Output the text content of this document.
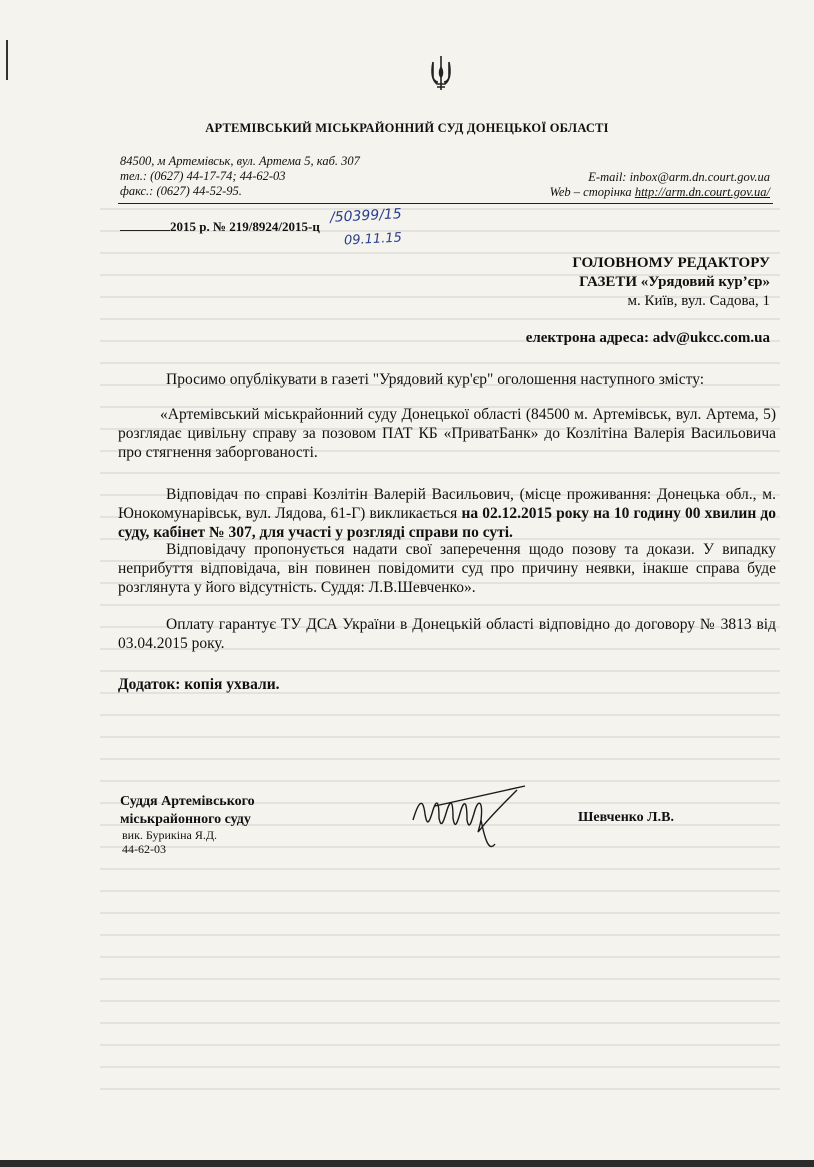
АРТЕМІВСЬКИЙ МІСЬКРАЙОННИЙ СУД ДОНЕЦЬКОЇ ОБЛАСТІ
84500, м Артемівськ, вул. Артема 5, каб. 307
тел.: (0627) 44-17-74; 44-62-03
факс.: (0627) 44-52-95.
E-mail: inbox@arm.dn.court.gov.ua
Web – сторінка http://arm.dn.court.gov.ua/
2015 р. № 219/8924/2015-ц
/50399/15
09.11.15
ГОЛОВНОМУ РЕДАКТОРУ
ГАЗЕТИ «Урядовий кур’єр»
м. Київ, вул. Садова, 1
електрона адреса: adv@ukcc.com.ua
Просимо опублікувати в газеті "Урядовий кур'єр" оголошення наступного змісту:
«Артемівський міськрайонний суду Донецької області (84500 м. Артемівськ, вул. Артема, 5) розглядає цивільну справу за позовом ПАТ КБ «ПриватБанк» до Козлітіна Валерія Васильовича про стягнення заборгованості.
Відповідач по справі Козлітін Валерій Васильович, (місце проживання: Донецька обл., м. Юнокомунарівськ, вул. Лядова, 61-Г) викликається на 02.12.2015 року на 10 годину 00 хвилин до суду, кабінет № 307, для участі у розгляді справи по суті.
Відповідачу пропонується надати свої заперечення щодо позову та докази. У випадку неприбуття відповідача, він повинен повідомити суд про причину неявки, інакше справа буде розглянута у його відсутність. Суддя: Л.В.Шевченко».
Оплату гарантує ТУ ДСА України в Донецькій області відповідно до договору № 3813 від 03.04.2015 року.
Додаток: копія ухвали.
Суддя Артемівського
міськрайонного суду
вик. Бурикіна Я.Д.
44-62-03
Шевченко Л.В.
